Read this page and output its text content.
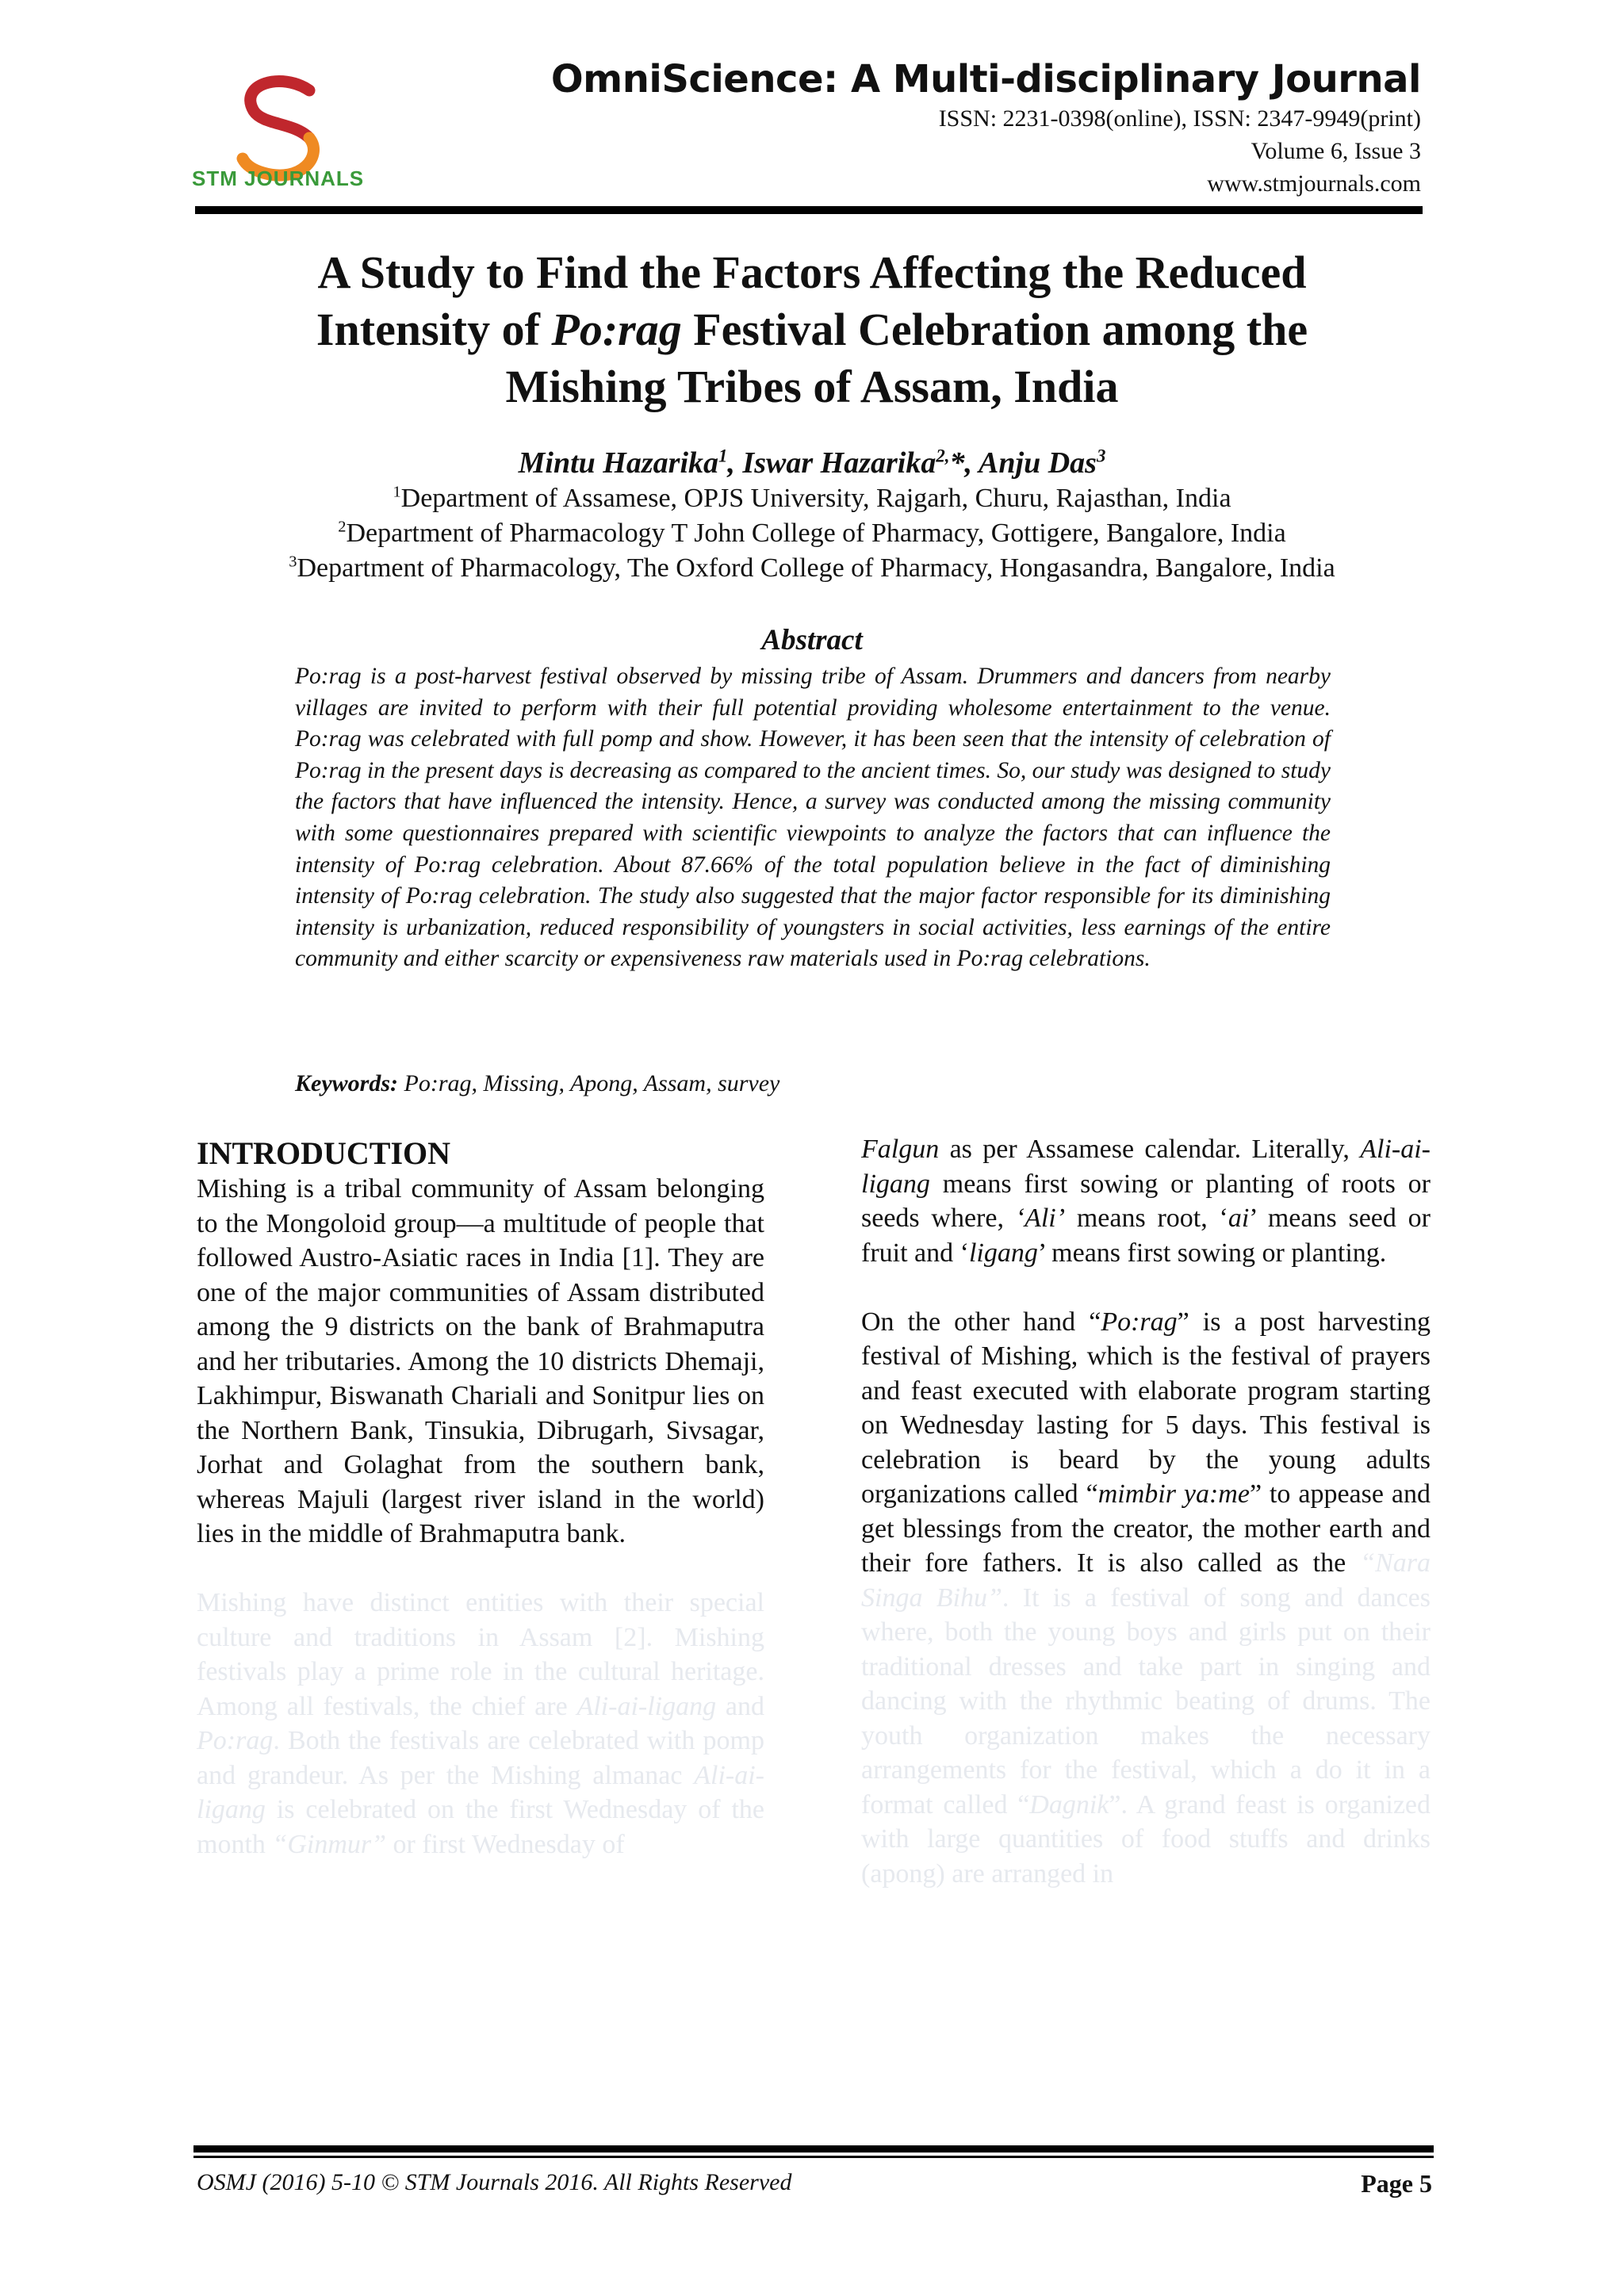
STM JOURNALS
OmniScience: A Multi-disciplinary Journal
ISSN: 2231-0398(online), ISSN: 2347-9949(print)
Volume 6, Issue 3
www.stmjournals.com
A Study to Find the Factors Affecting the Reduced
Intensity of Po:rag Festival Celebration among the
Mishing Tribes of Assam, India
Mintu Hazarika$^1$, Iswar Hazarika$^{2,}$*, Anju Das$^3$
$^1$Department of Assamese, OPJS University, Rajgarh, Churu, Rajasthan, India
$^2$Department of Pharmacology T John College of Pharmacy, Gottigere, Bangalore, India
$^3$Department of Pharmacology, The Oxford College of Pharmacy, Hongasandra, Bangalore, India
Abstract
Po:rag is a post-harvest festival observed by missing tribe of Assam. Drummers and dancers from nearby villages are invited to perform with their full potential providing wholesome entertainment to the venue. Po:rag was celebrated with full pomp and show. However, it has been seen that the intensity of celebration of Po:rag in the present days is decreasing as compared to the ancient times. So, our study was designed to study the factors that have influenced the intensity. Hence, a survey was conducted among the missing community with some questionnaires prepared with scientific viewpoints to analyze the factors that can influence the intensity of Po:rag celebration. About 87.66% of the total population believe in the fact of diminishing intensity of Po:rag celebration. The study also suggested that the major factor responsible for its diminishing intensity is urbanization, reduced responsibility of youngsters in social activities, less earnings of the entire community and either scarcity or expensiveness raw materials used in Po:rag celebrations.
Keywords: Po:rag, Missing, Apong, Assam, survey
INTRODUCTION

Mishing is a tribal community of Assam belonging to the Mongoloid group—a multitude of people that followed Austro-Asiatic races in India [1]. They are one of the major communities of Assam distributed among the 9 districts on the bank of Brahmaputra and her tributaries. Among the 10 districts Dhemaji, Lakhimpur, Biswanath Chariali and Sonitpur lies on the Northern Bank, Tinsukia, Dibrugarh, Sivsagar, Jorhat and Golaghat from the southern bank, whereas Majuli (largest river island in the world) lies in the middle of Brahmaputra bank.

Mishing have distinct entities with their special culture and traditions in Assam [2]. Mishing festivals play a prime role in the cultural heritage. Among all festivals, the chief are Ali-ai-ligang and Po:rag. Both the festivals are celebrated with pomp and grandeur. As per the Mishing almanac Ali-ai-ligang is celebrated on the first Wednesday of the month “Ginmur” or first Wednesday of

Falgun as per Assamese calendar. Literally, Ali-ai-ligang means first sowing or planting of roots or seeds where, ‘Ali’ means root, ‘ai’ means seed or fruit and ‘ligang’ means first sowing or planting.

On the other hand “Po:rag” is a post harvesting festival of Mishing, which is the festival of prayers and feast executed with elaborate program starting on Wednesday lasting for 5 days. This festival is celebration is beard by the young adults organizations called “mimbir ya:me” to appease and get blessings from the creator, the mother earth and their fore fathers. It is also called as the “Nara Singa Bihu”. It is a festival of song and dances where, both the young boys and girls put on their traditional dresses and take part in singing and dancing with the rhythmic beating of drums. The youth organization makes the necessary arrangements for the festival, which a do it in a format called “Dagnik”. A grand feast is organized with large quantities of food stuffs and drinks (apong) are arranged in

OSMJ (2016) 5-10 © STM Journals 2016. All Rights Reserved	Page 5
